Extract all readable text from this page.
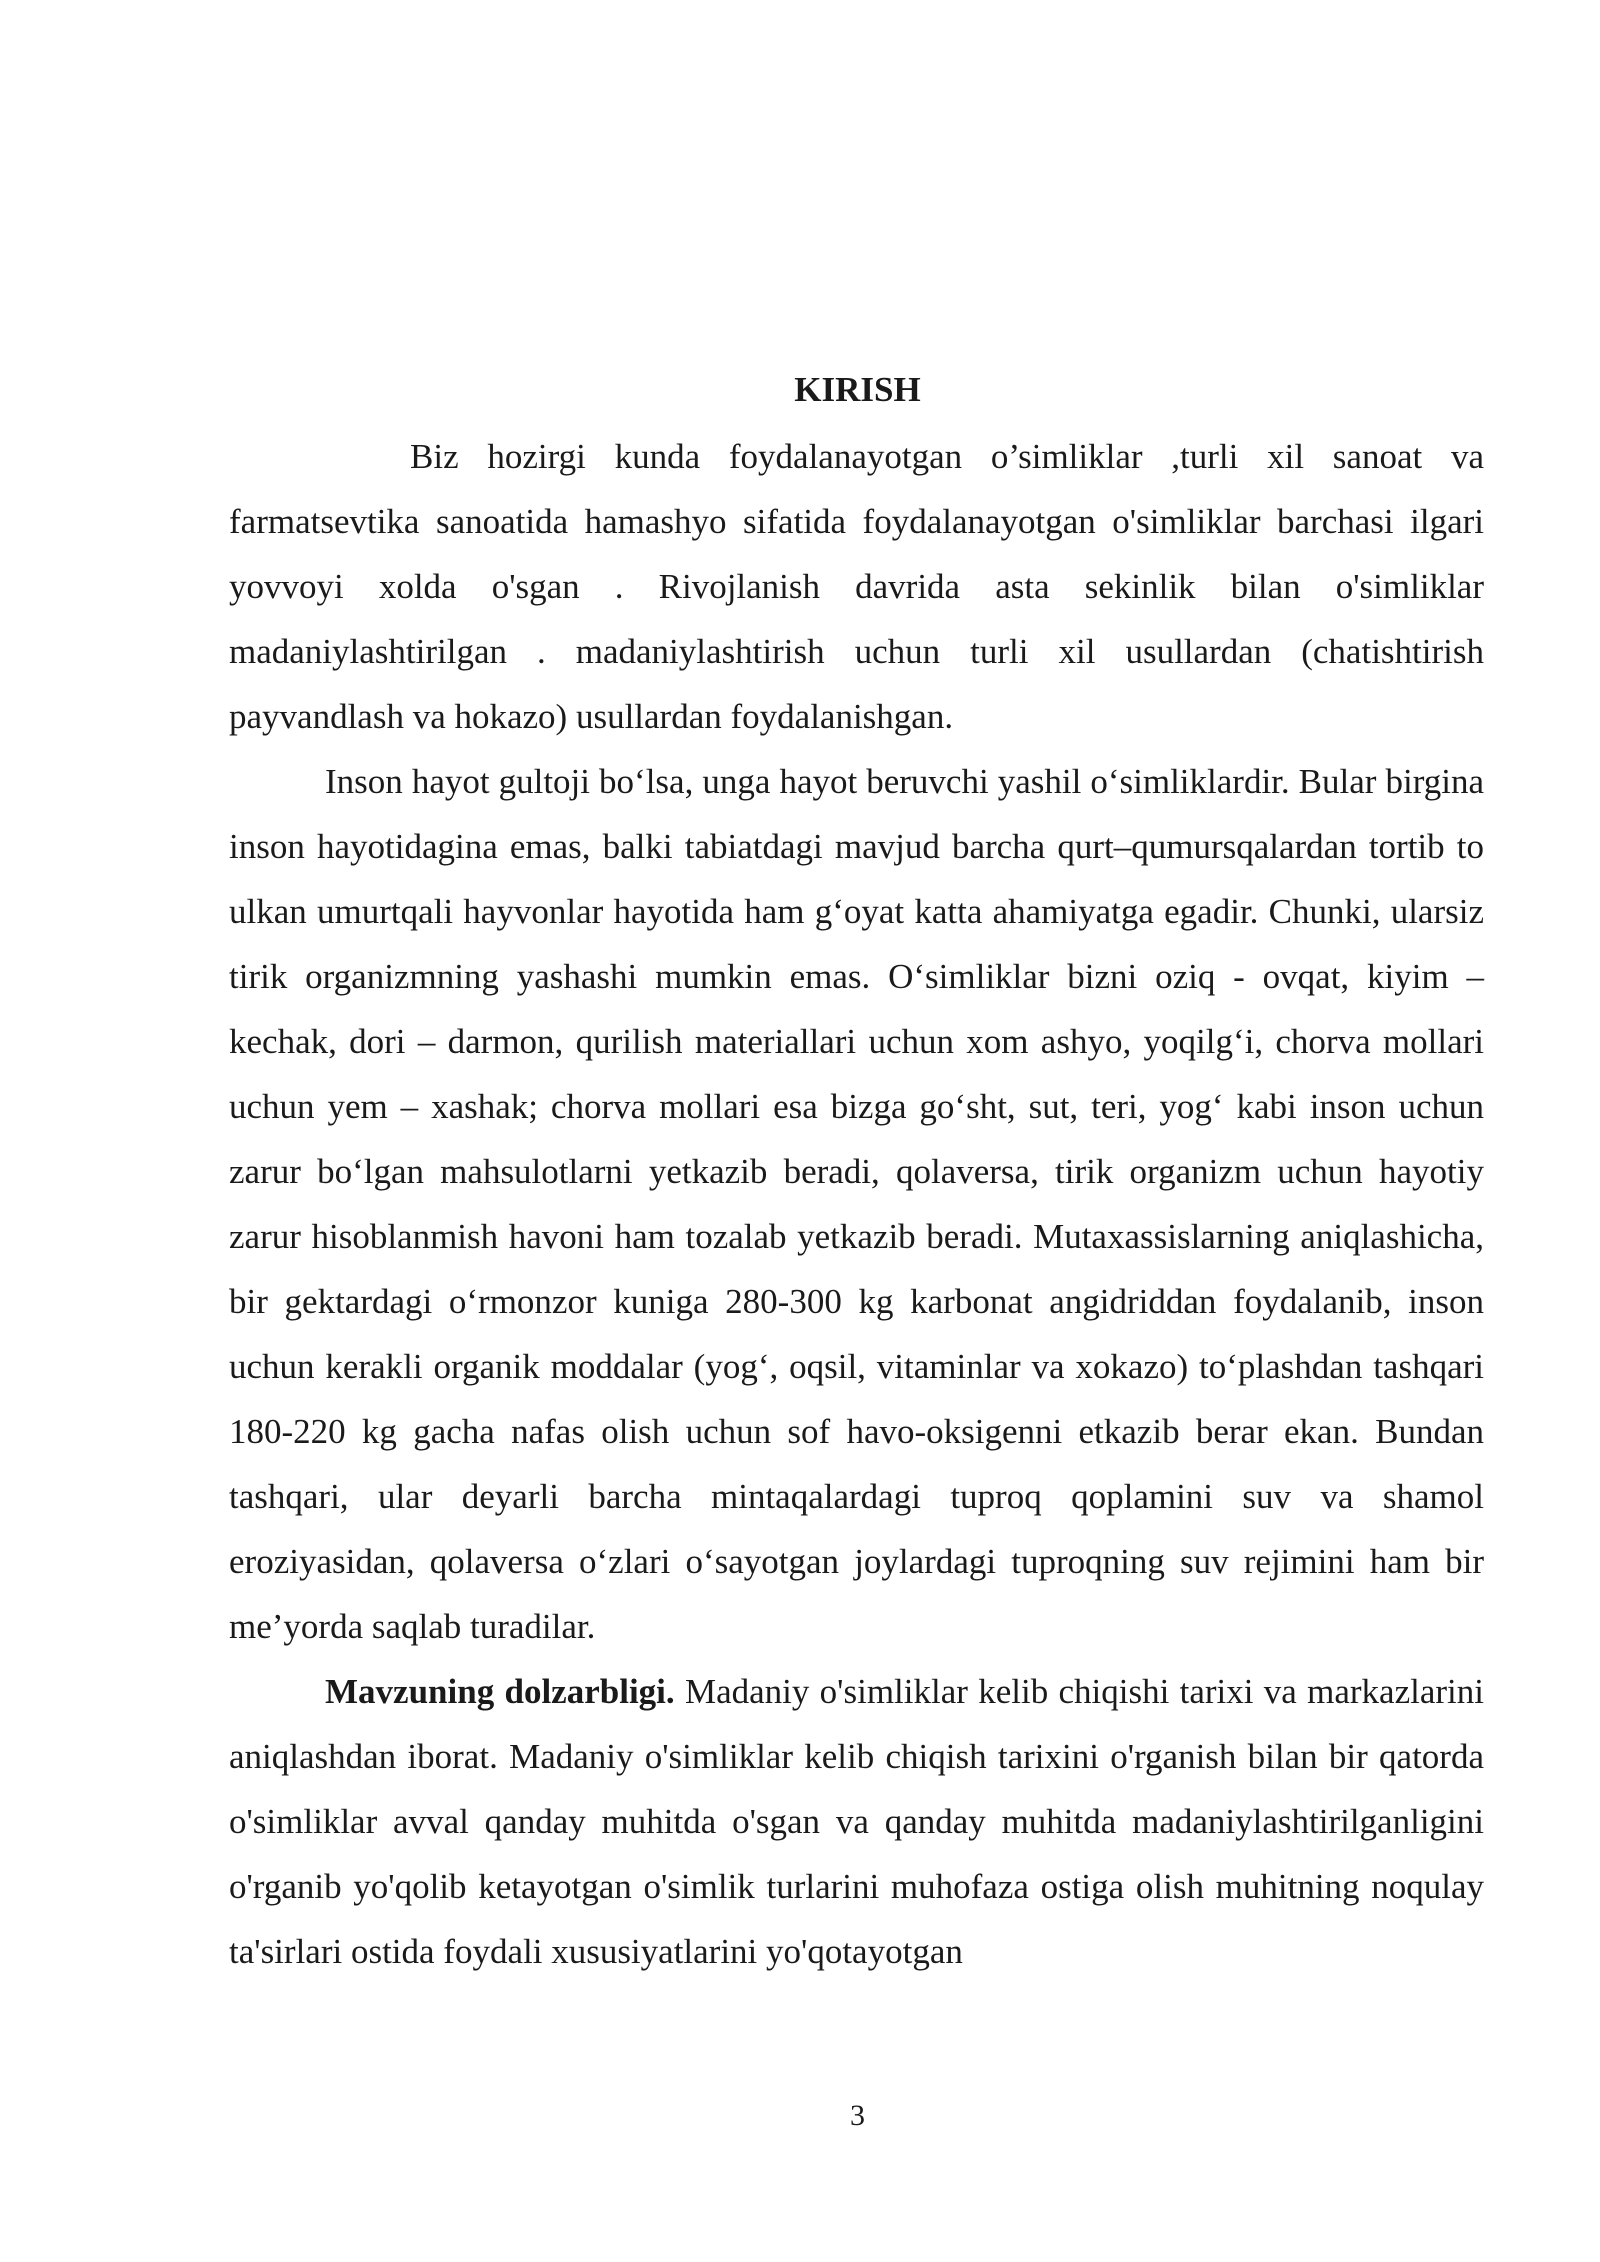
KIRISH

Biz hozirgi kunda foydalanayotgan o’simliklar ,turli xil sanoat va farmatsevtika sanoatida hamashyo sifatida foydalanayotgan o'simliklar barchasi ilgari yovvoyi xolda o'sgan . Rivojlanish davrida asta sekinlik bilan o'simliklar madaniylashtirilgan . madaniylashtirish uchun turli xil usullardan (chatishtirish payvandlash va hokazo) usullardan foydalanishgan.

Inson hayot gultoji bo‘lsa, unga hayot beruvchi yashil o‘simliklardir. Bular birgina inson hayotidagina emas, balki tabiatdagi mavjud barcha qurt–qumursqalardan tortib to ulkan umurtqali hayvonlar hayotida ham g‘oyat katta ahamiyatga egadir. Chunki, ularsiz tirik organizmning yashashi mumkin emas. O‘simliklar bizni oziq - ovqat, kiyim – kechak, dori – darmon, qurilish materiallari uchun xom ashyo, yoqilg‘i, chorva mollari uchun yem – xashak; chorva mollari esa bizga go‘sht, sut, teri, yog‘ kabi inson uchun zarur bo‘lgan mahsulotlarni yetkazib beradi, qolaversa, tirik organizm uchun hayotiy zarur hisoblanmish havoni ham tozalab yetkazib beradi. Mutaxassislarning aniqlashicha, bir gektardagi o‘rmonzor kuniga 280-300 kg karbonat angidriddan foydalanib, inson uchun kerakli organik moddalar (yog‘, oqsil, vitaminlar va xokazo) to‘plashdan tashqari 180-220 kg gacha nafas olish uchun sof havo-oksigenni etkazib berar ekan. Bundan tashqari, ular deyarli barcha mintaqalardagi tuproq qoplamini suv va shamol eroziyasidan, qolaversa o‘zlari o‘sayotgan joylardagi tuproqning suv rejimini ham bir me’yorda saqlab turadilar.

Mavzuning dolzarbligi. Madaniy o'simliklar kelib chiqishi tarixi va markazlarini aniqlashdan iborat. Madaniy o'simliklar kelib chiqish tarixini o'rganish bilan bir qatorda o'simliklar avval qanday muhitda o'sgan va qanday muhitda madaniylashtirilganligini o'rganib yo'qolib ketayotgan o'simlik turlarini muhofaza ostiga olish muhitning noqulay ta'sirlari ostida foydali xususiyatlarini yo'qotayotgan

3
